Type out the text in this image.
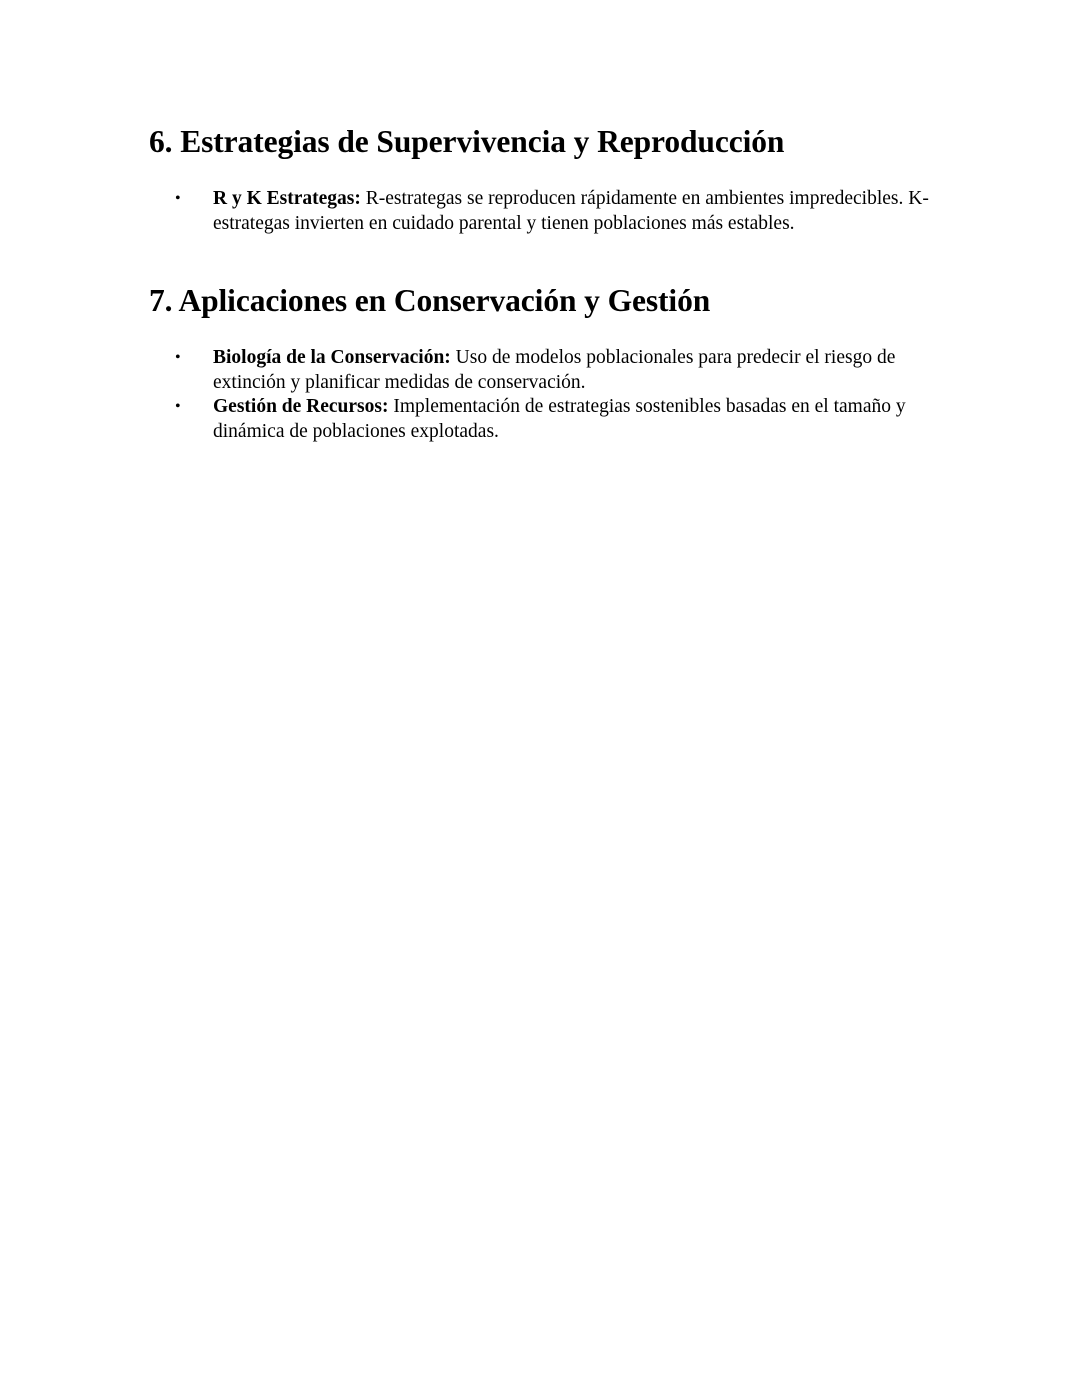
6. Estrategias de Supervivencia y Reproducción
• R y K Estrategas: R-estrategas se reproducen rápidamente en ambientes impredecibles. K-estrategas invierten en cuidado parental y tienen poblaciones más estables.
7. Aplicaciones en Conservación y Gestión
• Biología de la Conservación: Uso de modelos poblacionales para predecir el riesgo de extinción y planificar medidas de conservación.
• Gestión de Recursos: Implementación de estrategias sostenibles basadas en el tamaño y dinámica de poblaciones explotadas.
